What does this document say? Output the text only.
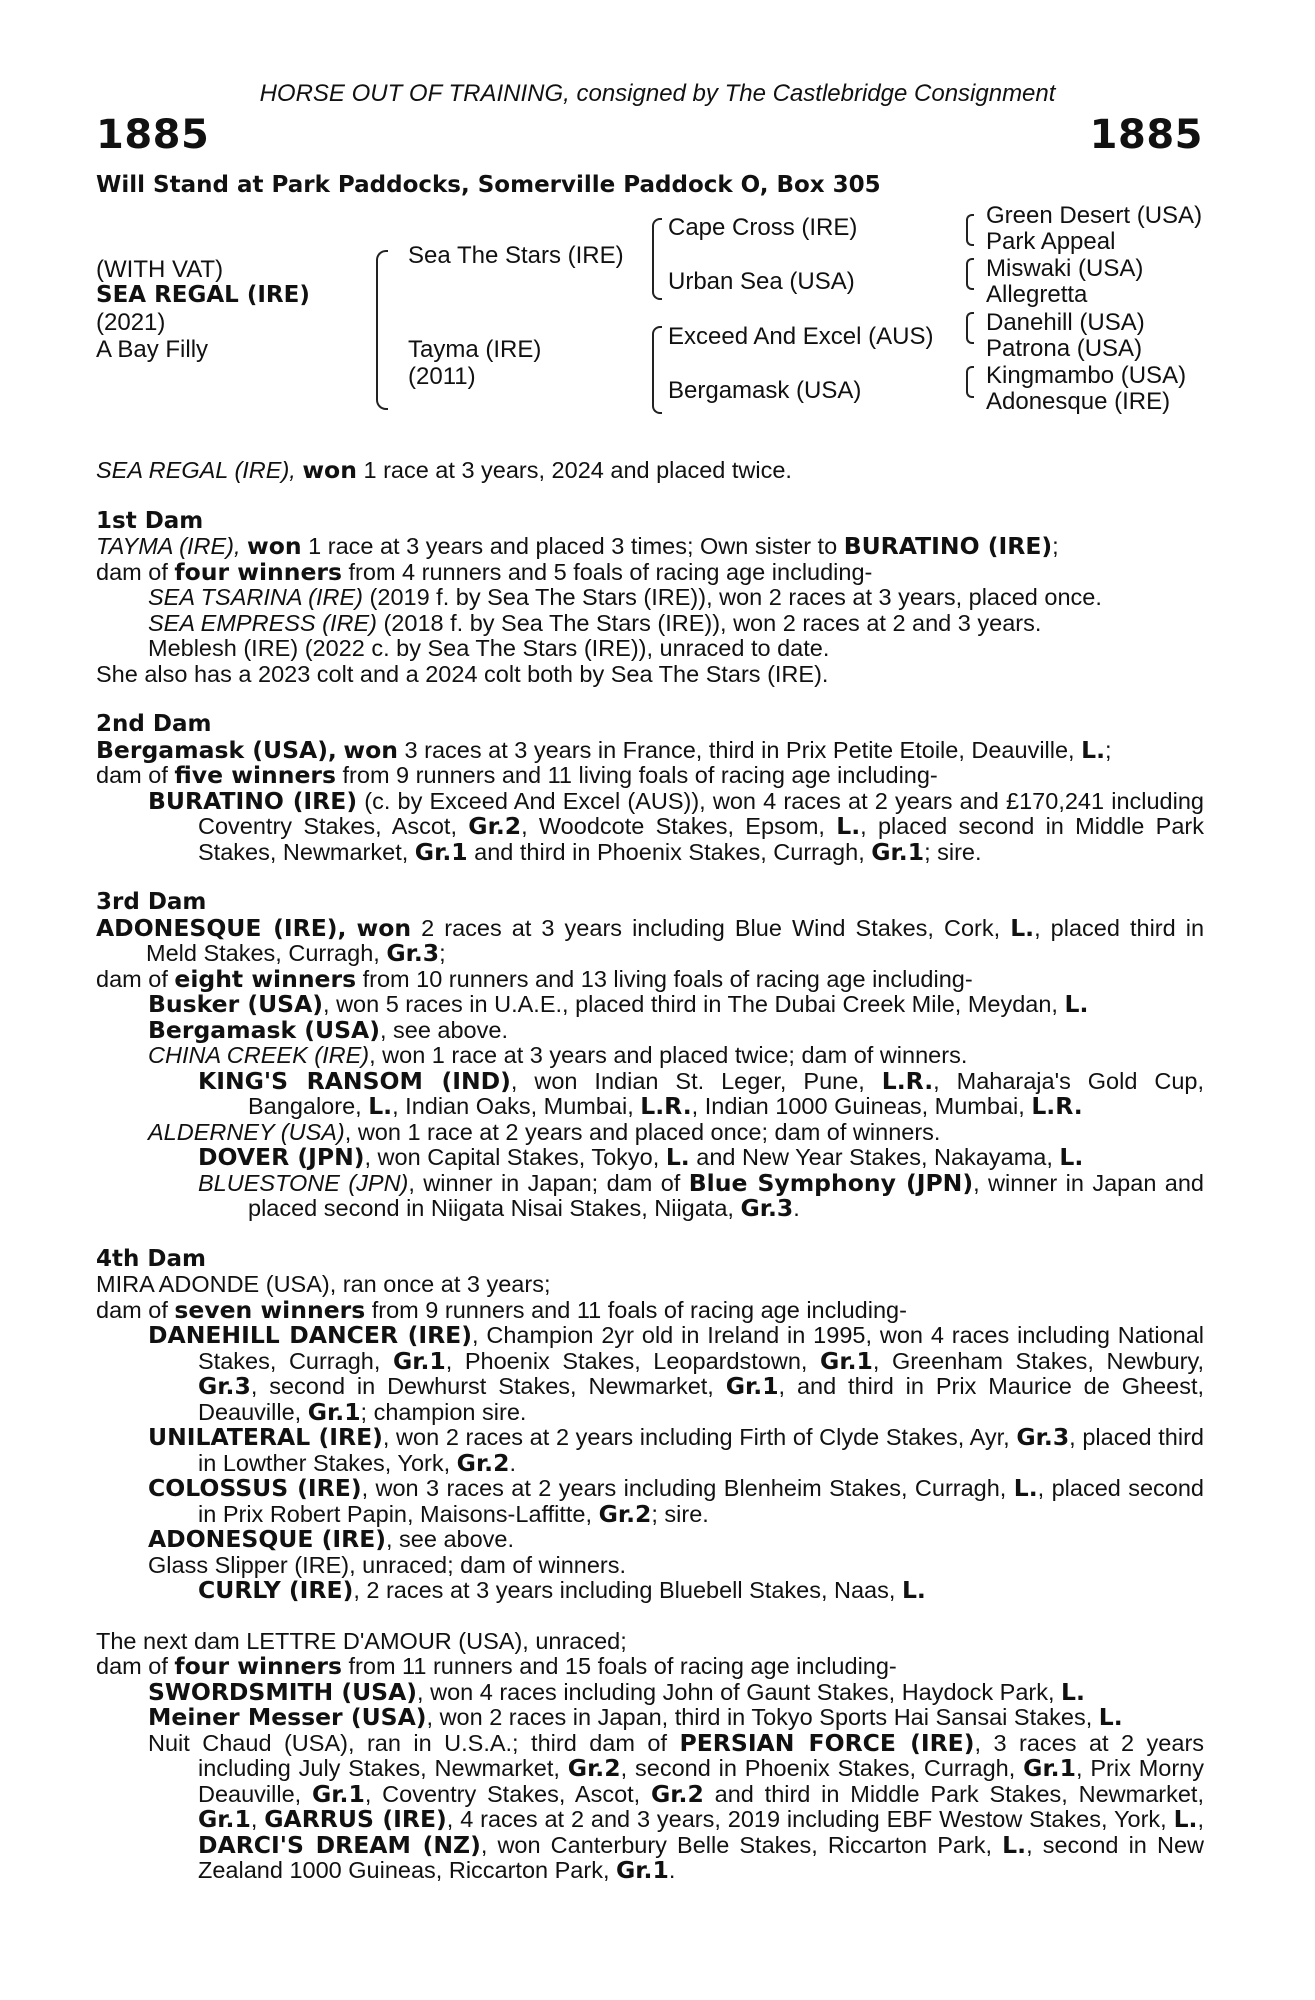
HORSE OUT OF TRAINING, consigned by The Castlebridge Consignment
1885	1885
Will Stand at Park Paddocks, Somerville Paddock O, Box 305
(WITH VAT)
SEA REGAL (IRE)
(2021)
A Bay Filly
Sea The Stars (IRE)
Tayma (IRE)
(2011)
Cape Cross (IRE)
Urban Sea (USA)
Exceed And Excel (AUS)
Bergamask (USA)
Green Desert (USA)
Park Appeal
Miswaki (USA)
Allegretta
Danehill (USA)
Patrona (USA)
Kingmambo (USA)
Adonesque (IRE)

SEA REGAL (IRE), won 1 race at 3 years, 2024 and placed twice.

1st Dam

TAYMA (IRE), won 1 race at 3 years and placed 3 times; Own sister to BURATINO (IRE);

dam of four winners from 4 runners and 5 foals of racing age including-

SEA TSARINA (IRE) (2019 f. by Sea The Stars (IRE)), won 2 races at 3 years, placed once.

SEA EMPRESS (IRE) (2018 f. by Sea The Stars (IRE)), won 2 races at 2 and 3 years.

Meblesh (IRE) (2022 c. by Sea The Stars (IRE)), unraced to date.

She also has a 2023 colt and a 2024 colt both by Sea The Stars (IRE).

2nd Dam

Bergamask (USA), won 3 races at 3 years in France, third in Prix Petite Etoile, Deauville, L.;

dam of five winners from 9 runners and 11 living foals of racing age including-

BURATINO (IRE) (c. by Exceed And Excel (AUS)), won 4 races at 2 years and £170,241 including Coventry Stakes, Ascot, Gr.2, Woodcote Stakes, Epsom, L., placed second in Middle Park Stakes, Newmarket, Gr.1 and third in Phoenix Stakes, Curragh, Gr.1; sire.

3rd Dam

ADONESQUE (IRE), won 2 races at 3 years including Blue Wind Stakes, Cork, L., placed third in Meld Stakes, Curragh, Gr.3;

dam of eight winners from 10 runners and 13 living foals of racing age including-

Busker (USA), won 5 races in U.A.E., placed third in The Dubai Creek Mile, Meydan, L.

Bergamask (USA), see above.

CHINA CREEK (IRE), won 1 race at 3 years and placed twice; dam of winners.

KING'S RANSOM (IND), won Indian St. Leger, Pune, L.R., Maharaja's Gold Cup, Bangalore, L., Indian Oaks, Mumbai, L.R., Indian 1000 Guineas, Mumbai, L.R.

ALDERNEY (USA), won 1 race at 2 years and placed once; dam of winners.

DOVER (JPN), won Capital Stakes, Tokyo, L. and New Year Stakes, Nakayama, L.

BLUESTONE (JPN), winner in Japan; dam of Blue Symphony (JPN), winner in Japan and placed second in Niigata Nisai Stakes, Niigata, Gr.3.

4th Dam

MIRA ADONDE (USA), ran once at 3 years;

dam of seven winners from 9 runners and 11 foals of racing age including-

DANEHILL DANCER (IRE), Champion 2yr old in Ireland in 1995, won 4 races including National Stakes, Curragh, Gr.1, Phoenix Stakes, Leopardstown, Gr.1, Greenham Stakes, Newbury, Gr.3, second in Dewhurst Stakes, Newmarket, Gr.1, and third in Prix Maurice de Gheest, Deauville, Gr.1; champion sire.

UNILATERAL (IRE), won 2 races at 2 years including Firth of Clyde Stakes, Ayr, Gr.3, placed third in Lowther Stakes, York, Gr.2.

COLOSSUS (IRE), won 3 races at 2 years including Blenheim Stakes, Curragh, L., placed second in Prix Robert Papin, Maisons-Laffitte, Gr.2; sire.

ADONESQUE (IRE), see above.

Glass Slipper (IRE), unraced; dam of winners.

CURLY (IRE), 2 races at 3 years including Bluebell Stakes, Naas, L.

The next dam LETTRE D'AMOUR (USA), unraced;

dam of four winners from 11 runners and 15 foals of racing age including-

SWORDSMITH (USA), won 4 races including John of Gaunt Stakes, Haydock Park, L.

Meiner Messer (USA), won 2 races in Japan, third in Tokyo Sports Hai Sansai Stakes, L.

Nuit Chaud (USA), ran in U.S.A.; third dam of PERSIAN FORCE (IRE), 3 races at 2 years including July Stakes, Newmarket, Gr.2, second in Phoenix Stakes, Curragh, Gr.1, Prix Morny Deauville, Gr.1, Coventry Stakes, Ascot, Gr.2 and third in Middle Park Stakes, Newmarket, Gr.1, GARRUS (IRE), 4 races at 2 and 3 years, 2019 including EBF Westow Stakes, York, L., DARCI'S DREAM (NZ), won Canterbury Belle Stakes, Riccarton Park, L., second in New Zealand 1000 Guineas, Riccarton Park, Gr.1.
